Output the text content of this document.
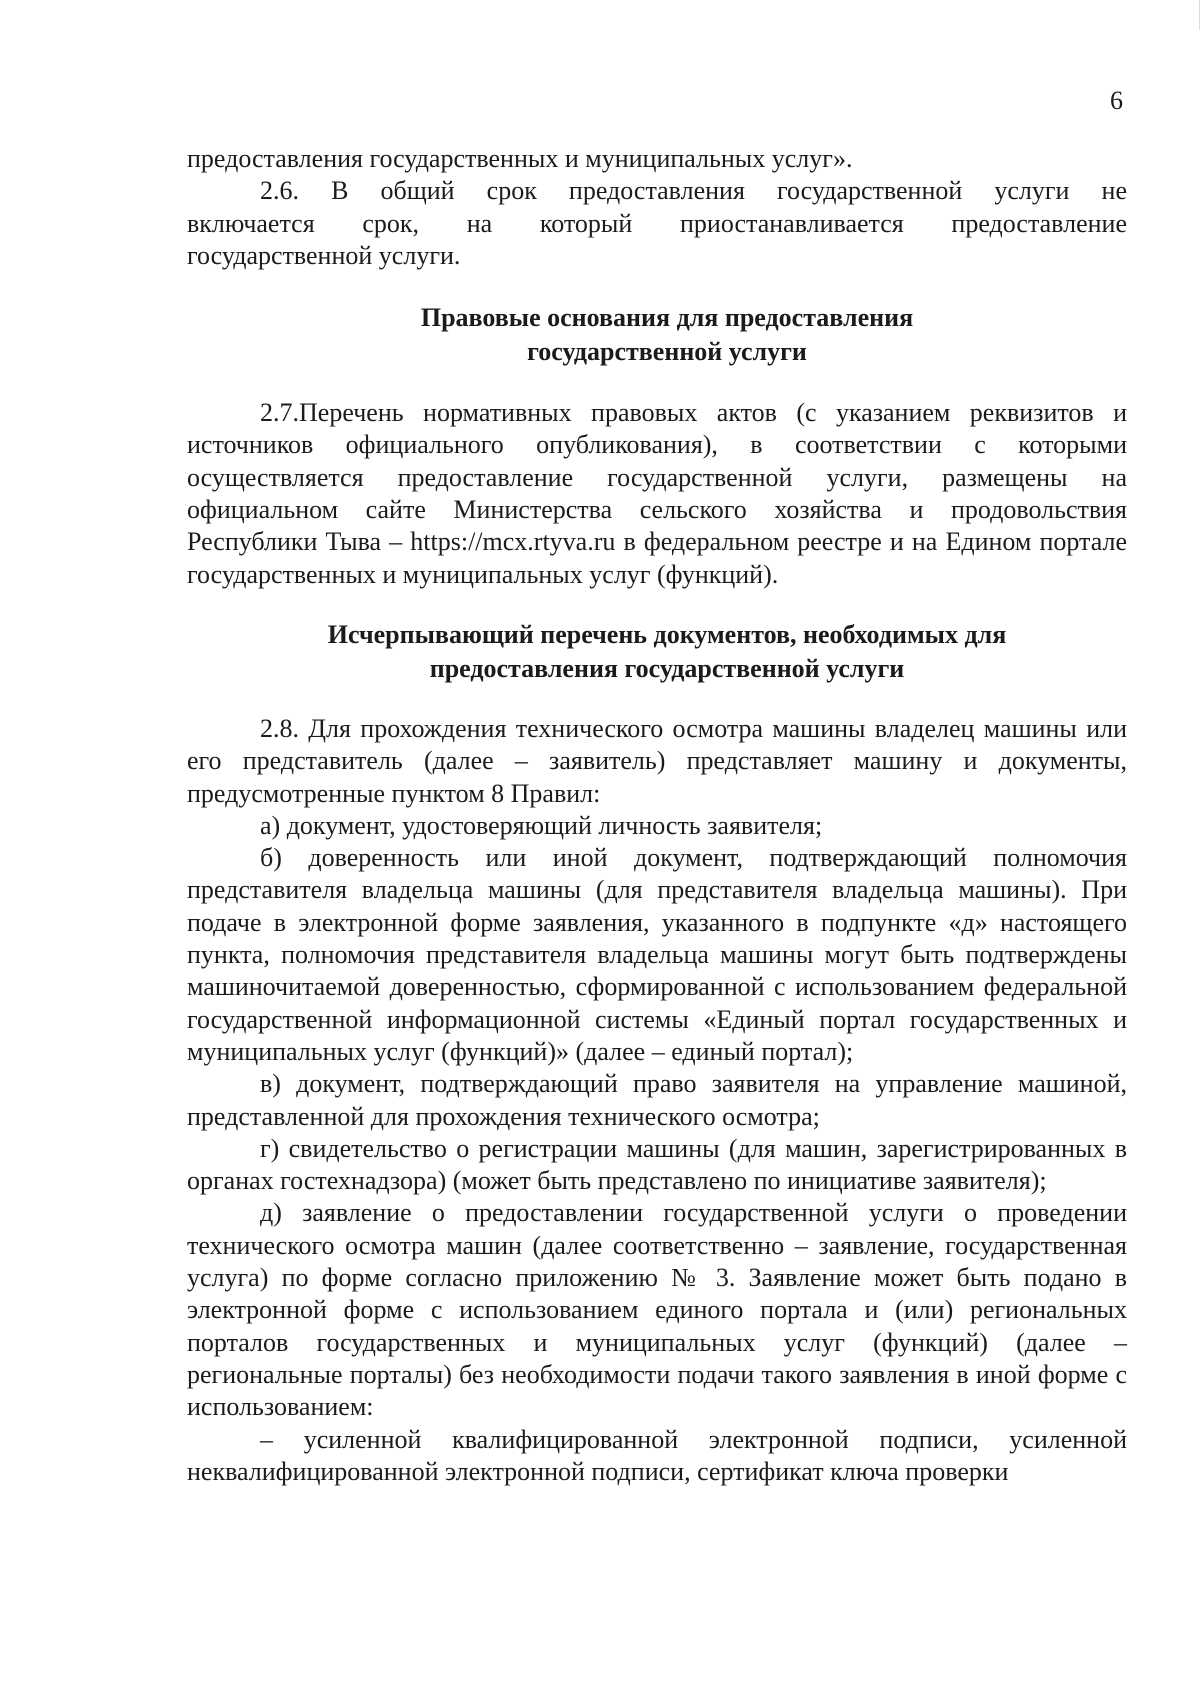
6

предоставления государственных и муниципальных услуг».

2.6. В общий срок предоставления государственной услуги не

включается срок, на который приостанавливается предоставление

государственной услуги.

Правовые основания для предоставления
государственной услуги

2.7.Перечень нормативных правовых актов (с указанием реквизитов и источников официального опубликования), в соответствии с которыми осуществляется предоставление государственной услуги, размещены на официальном сайте Министерства сельского хозяйства и продовольствия Республики Тыва – https://mcx.rtyva.ru в федеральном реестре и на Едином портале государственных и муниципальных услуг (функций).

Исчерпывающий перечень документов, необходимых для
предоставления государственной услуги

2.8. Для прохождения технического осмотра машины владелец машины или его представитель (далее – заявитель) представляет машину и документы, предусмотренные пунктом 8 Правил:

а) документ, удостоверяющий личность заявителя;

б) доверенность или иной документ, подтверждающий полномочия представителя владельца машины (для представителя владельца машины). При подаче в электронной форме заявления, указанного в подпункте «д» настоящего пункта, полномочия представителя владельца машины могут быть подтверждены машиночитаемой доверенностью, сформированной с использованием федеральной государственной информационной системы «Единый портал государственных и муниципальных услуг (функций)» (далее – единый портал);

в) документ, подтверждающий право заявителя на управление машиной, представленной для прохождения технического осмотра;

г) свидетельство о регистрации машины (для машин, зарегистрированных в органах гостехнадзора) (может быть представлено по инициативе заявителя);

д) заявление о предоставлении государственной услуги о проведении технического осмотра машин (далее соответственно – заявление, государственная услуга) по форме согласно приложению № 3. Заявление может быть подано в электронной форме с использованием единого портала и (или) региональных порталов государственных и муниципальных услуг (функций) (далее – региональные порталы) без необходимости подачи такого заявления в иной форме с использованием:

– усиленной квалифицированной электронной подписи, усиленной неквалифицированной электронной подписи, сертификат ключа проверки
